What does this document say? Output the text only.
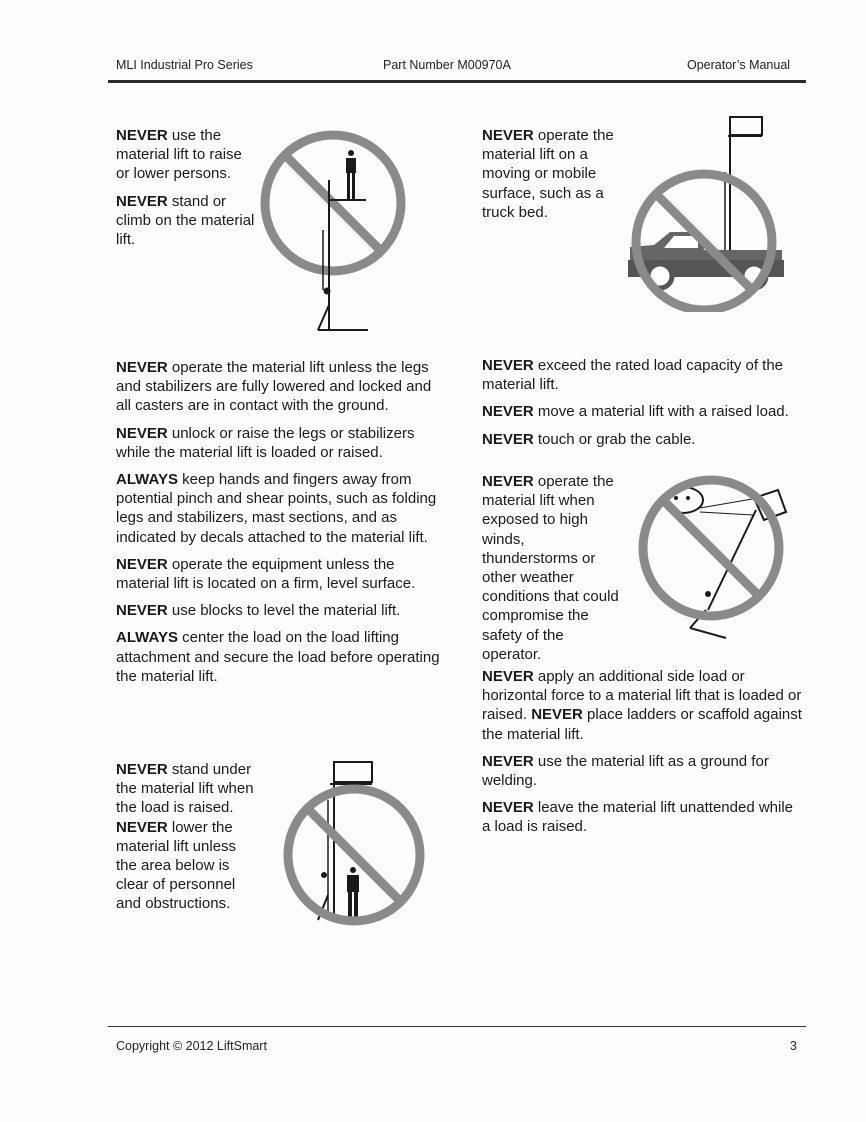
MLI Industrial Pro Series	Part Number M00970A	Operator’s Manual

NEVER use the material lift to raise or lower persons.

NEVER stand or climb on the material lift.

NEVER operate the material lift on a moving or mobile surface, such as a truck bed.

NEVER operate the material lift unless the legs and stabilizers are fully lowered and locked and all casters are in contact with the ground.

NEVER unlock or raise the legs or stabilizers while the material lift is loaded or raised.

ALWAYS keep hands and fingers away from potential pinch and shear points, such as folding legs and stabilizers, mast sections, and as indicated by decals attached to the material lift.

NEVER operate the equipment unless the material lift is located on a firm, level surface.

NEVER use blocks to level the material lift.

ALWAYS center the load on the load lifting attachment and secure the load before operating the material lift.

NEVER stand under the material lift when the load is raised. NEVER lower the material lift unless the area below is clear of personnel and obstructions.

NEVER exceed the rated load capacity of the material lift.

NEVER move a material lift with a raised load.

NEVER touch or grab the cable.

NEVER operate the material lift when exposed to high winds, thunderstorms or other weather conditions that could compromise the safety of the operator.

NEVER apply an additional side load or horizontal force to a material lift that is loaded or raised. NEVER place ladders or scaffold against the material lift.

NEVER use the material lift as a ground for welding.

NEVER leave the material lift unattended while a load is raised.

Copyright © 2012 LiftSmart	3
